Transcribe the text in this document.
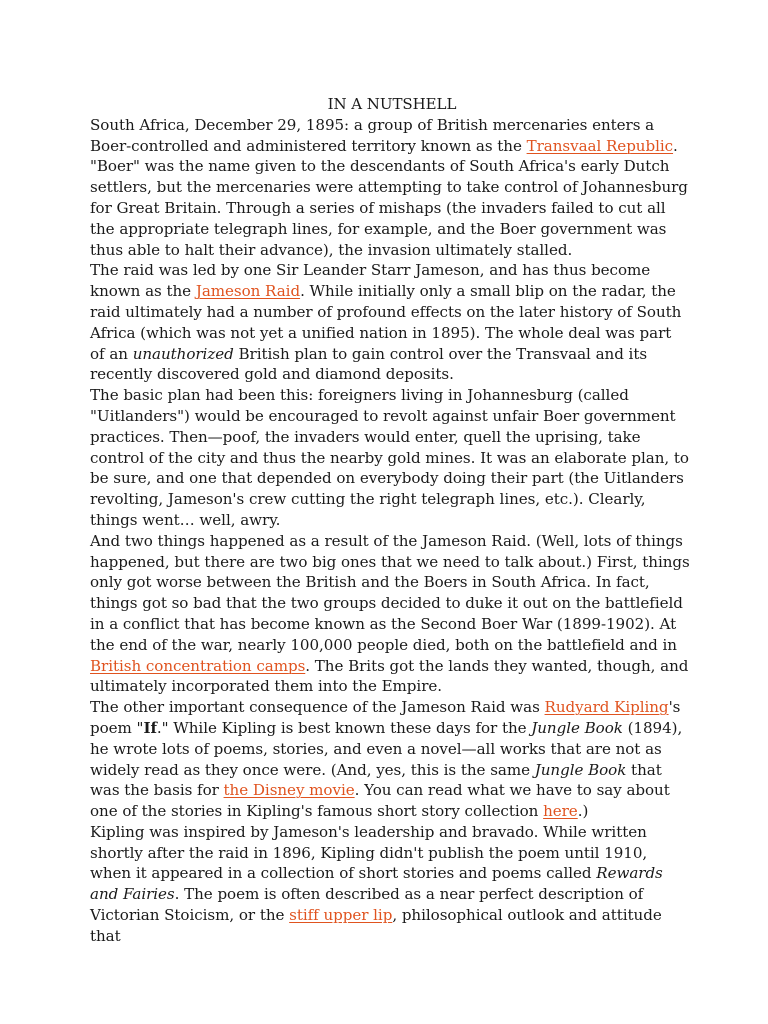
IN A NUTSHELL

South Africa, December 29, 1895: a group of British mercenaries enters a Boer-controlled and administered territory known as the Transvaal Republic. "Boer" was the name given to the descendants of South Africa's early Dutch settlers, but the mercenaries were attempting to take control of Johannesburg for Great Britain. Through a series of mishaps (the invaders failed to cut all the appropriate telegraph lines, for example, and the Boer government was thus able to halt their advance), the invasion ultimately stalled.

The raid was led by one Sir Leander Starr Jameson, and has thus become known as the Jameson Raid. While initially only a small blip on the radar, the raid ultimately had a number of profound effects on the later history of South Africa (which was not yet a unified nation in 1895). The whole deal was part of an unauthorized British plan to gain control over the Transvaal and its recently discovered gold and diamond deposits.

The basic plan had been this: foreigners living in Johannesburg (called "Uitlanders") would be encouraged to revolt against unfair Boer government practices. Then—poof, the invaders would enter, quell the uprising, take control of the city and thus the nearby gold mines. It was an elaborate plan, to be sure, and one that depended on everybody doing their part (the Uitlanders revolting, Jameson's crew cutting the right telegraph lines, etc.). Clearly, things went… well, awry.

And two things happened as a result of the Jameson Raid. (Well, lots of things happened, but there are two big ones that we need to talk about.) First, things only got worse between the British and the Boers in South Africa. In fact, things got so bad that the two groups decided to duke it out on the battlefield in a conflict that has become known as the Second Boer War (1899-1902). At the end of the war, nearly 100,000 people died, both on the battlefield and in British concentration camps. The Brits got the lands they wanted, though, and ultimately incorporated them into the Empire.

The other important consequence of the Jameson Raid was Rudyard Kipling's poem "If." While Kipling is best known these days for the Jungle Book (1894), he wrote lots of poems, stories, and even a novel—all works that are not as widely read as they once were. (And, yes, this is the same Jungle Book that was the basis for the Disney movie. You can read what we have to say about one of the stories in Kipling's famous short story collection here.)

Kipling was inspired by Jameson's leadership and bravado. While written shortly after the raid in 1896, Kipling didn't publish the poem until 1910, when it appeared in a collection of short stories and poems called Rewards and Fairies. The poem is often described as a near perfect description of Victorian Stoicism, or the stiff upper lip, philosophical outlook and attitude that
